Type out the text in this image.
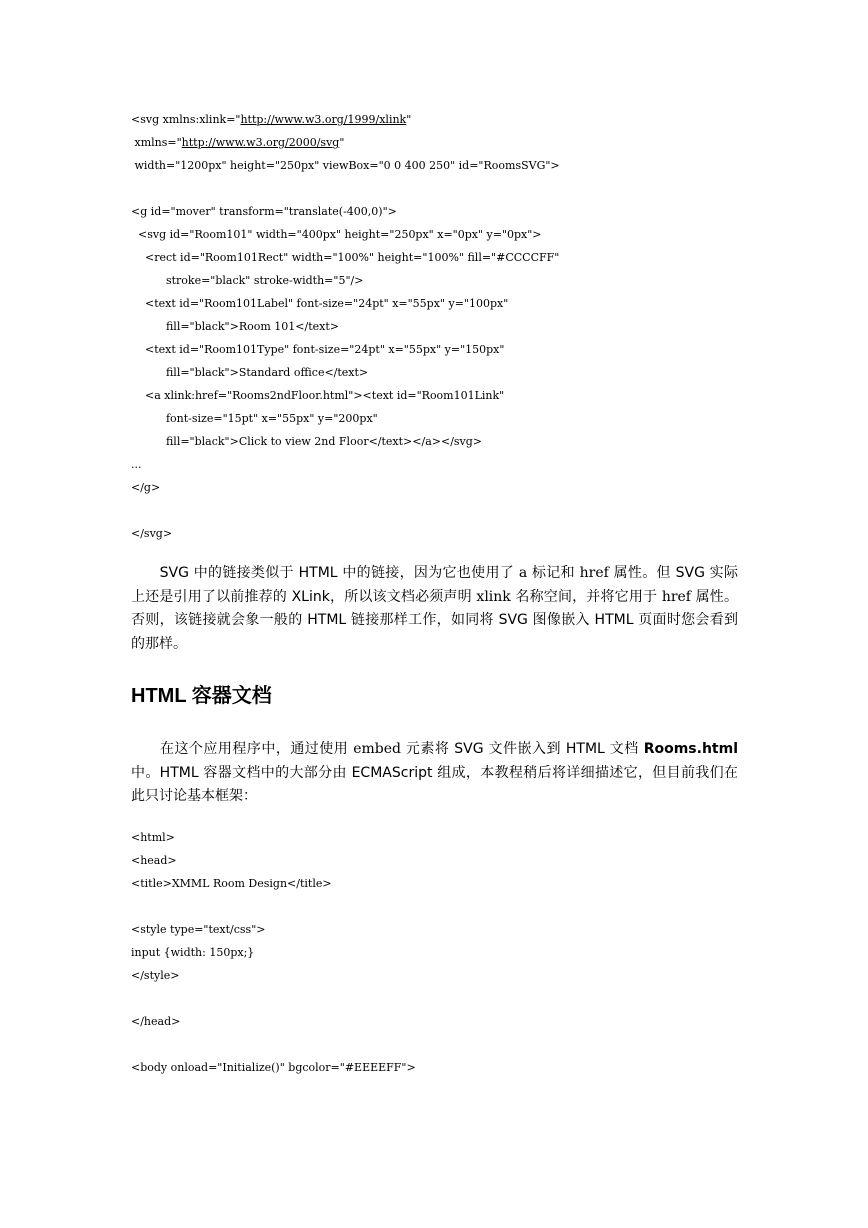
<svg xmlns:xlink="http://www.w3.org/1999/xlink"
xmlns="http://www.w3.org/2000/svg"
width="1200px" height="250px" viewBox="0 0 400 250" id="RoomsSVG">

<g id="mover" transform="translate(-400,0)">
<svg id="Room101" width="400px" height="250px" x="0px" y="0px">
<rect id="Room101Rect" width="100%" height="100%" fill="#CCCCFF"
stroke="black" stroke-width="5"/>
<text id="Room101Label" font-size="24pt" x="55px" y="100px"
fill="black">Room 101</text>
<text id="Room101Type" font-size="24pt" x="55px" y="150px"
fill="black">Standard office</text>
<a xlink:href="Rooms2ndFloor.html"><text id="Room101Link"
font-size="15pt" x="55px" y="200px"
fill="black">Click to view 2nd Floor</text></a></svg>
...
</g>

</svg>

　　SVG 中的链接类似于 HTML 中的链接，因为它也使用了 a 标记和 href 属性。但 SVG 实际上还是引用了以前推荐的 XLink，所以该文档必须声明 xlink 名称空间，并将它用于 href 属性。否则，该链接就会象一般的 HTML 链接那样工作，如同将 SVG 图像嵌入 HTML 页面时您会看到的那样。

HTML 容器文档

　　在这个应用程序中，通过使用 embed 元素将 SVG 文件嵌入到 HTML 文档 Rooms.html 中。HTML 容器文档中的大部分由 ECMAScript 组成，本教程稍后将详细描述它，但目前我们在此只讨论基本框架：

<html>
<head>
<title>XMML Room Design</title>

<style type="text/css">
input {width: 150px;}
</style>

</head>

<body onload="Initialize()" bgcolor="#EEEEFF">
